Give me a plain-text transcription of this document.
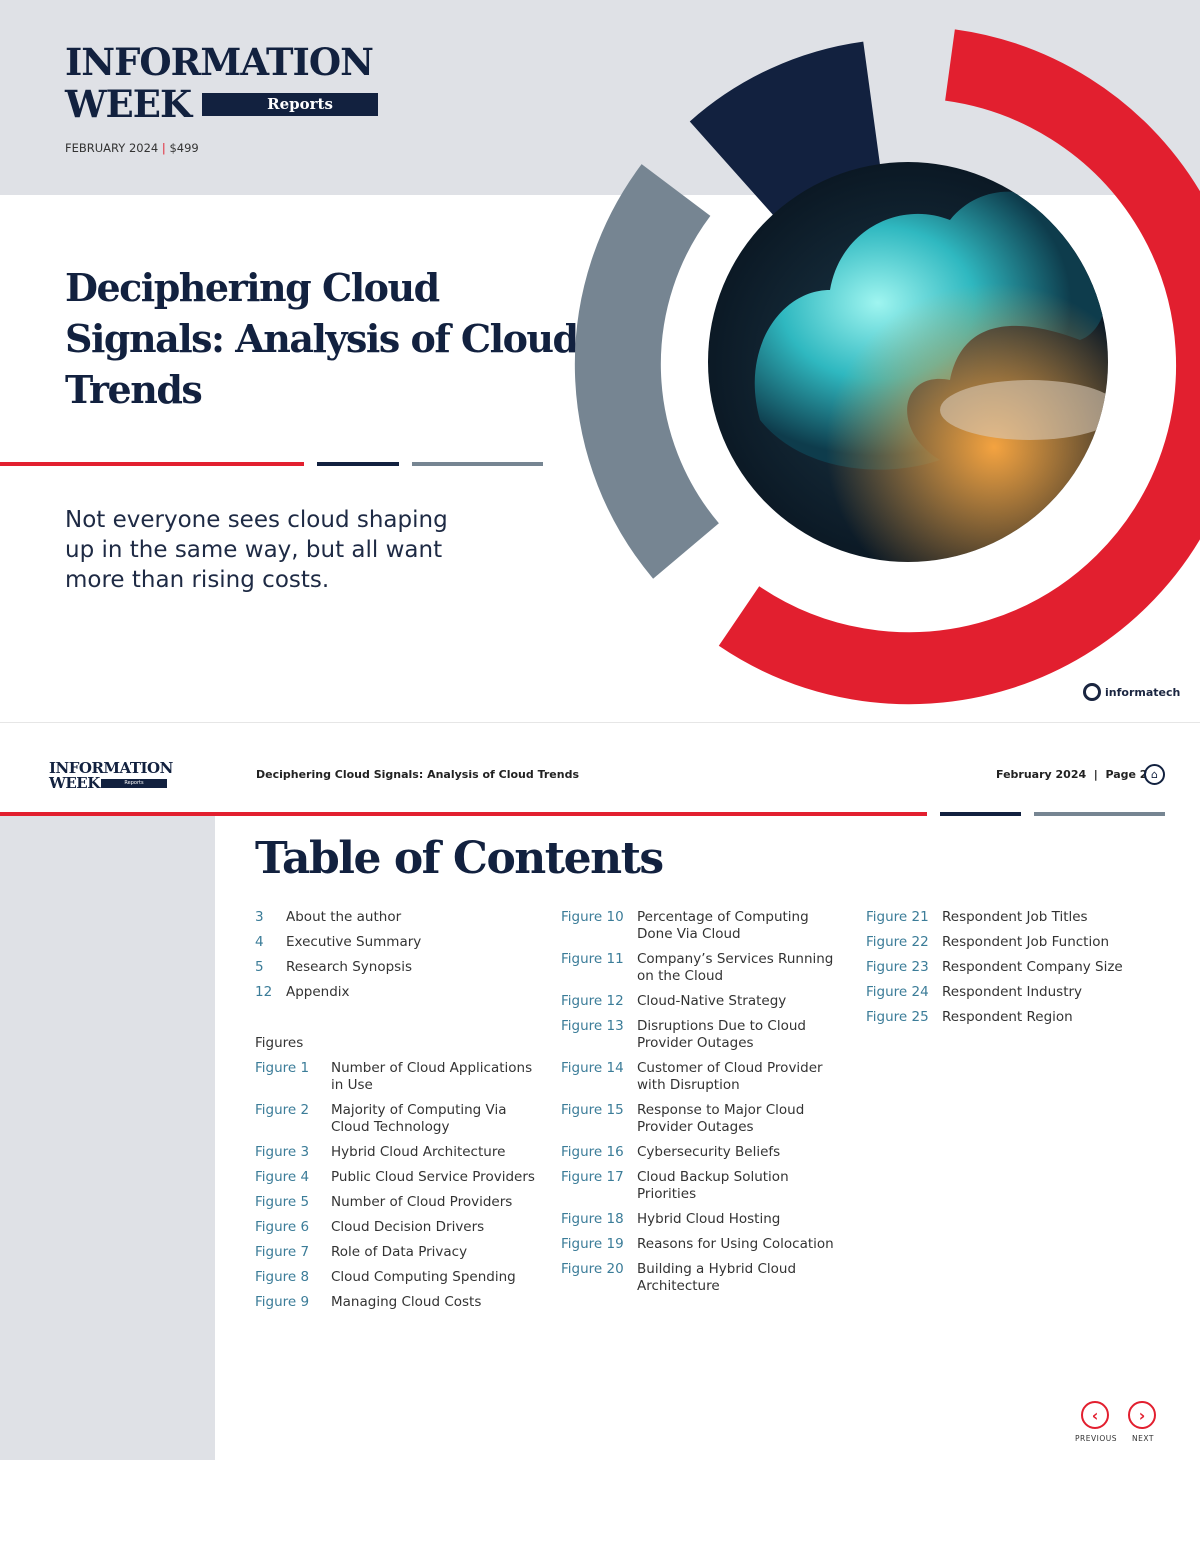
INFORMATION
WEEK	Reports
FEBRUARY 2024 | $499
Deciphering Cloud Signals: Analysis of Cloud Trends
Not everyone sees cloud shaping up in the same way, but all want more than rising costs.
informatech
INFORMATION
WEEK	Reports
Deciphering Cloud Signals: Analysis of Cloud Trends	February 2024  |  Page 2 ⌂
Table of Contents
3	About the author
4	Executive Summary
5	Research Synopsis
12	Appendix
Figures
Figure 1	Number of Cloud Applications in Use
Figure 2	Majority of Computing Via Cloud Technology
Figure 3	Hybrid Cloud Architecture
Figure 4	Public Cloud Service Providers
Figure 5	Number of Cloud Providers
Figure 6	Cloud Decision Drivers
Figure 7	Role of Data Privacy
Figure 8	Cloud Computing Spending
Figure 9	Managing Cloud Costs
Figure 10 Percentage of Computing Done Via Cloud
Figure 11 Company’s Services Running on the Cloud
Figure 12 Cloud-Native Strategy
Figure 13 Disruptions Due to Cloud Provider Outages
Figure 14 Customer of Cloud Provider with Disruption
Figure 15 Response to Major Cloud Provider Outages
Figure 16 Cybersecurity Beliefs
Figure 17 Cloud Backup Solution Priorities
Figure 18 Hybrid Cloud Hosting
Figure 19 Reasons for Using Colocation
Figure 20 Building a Hybrid Cloud Architecture
Figure 21 Respondent Job Titles
Figure 22 Respondent Job Function
Figure 23 Respondent Company Size
Figure 24 Respondent Industry
Figure 25 Respondent Region
‹
PREVIOUS
›
NEXT
